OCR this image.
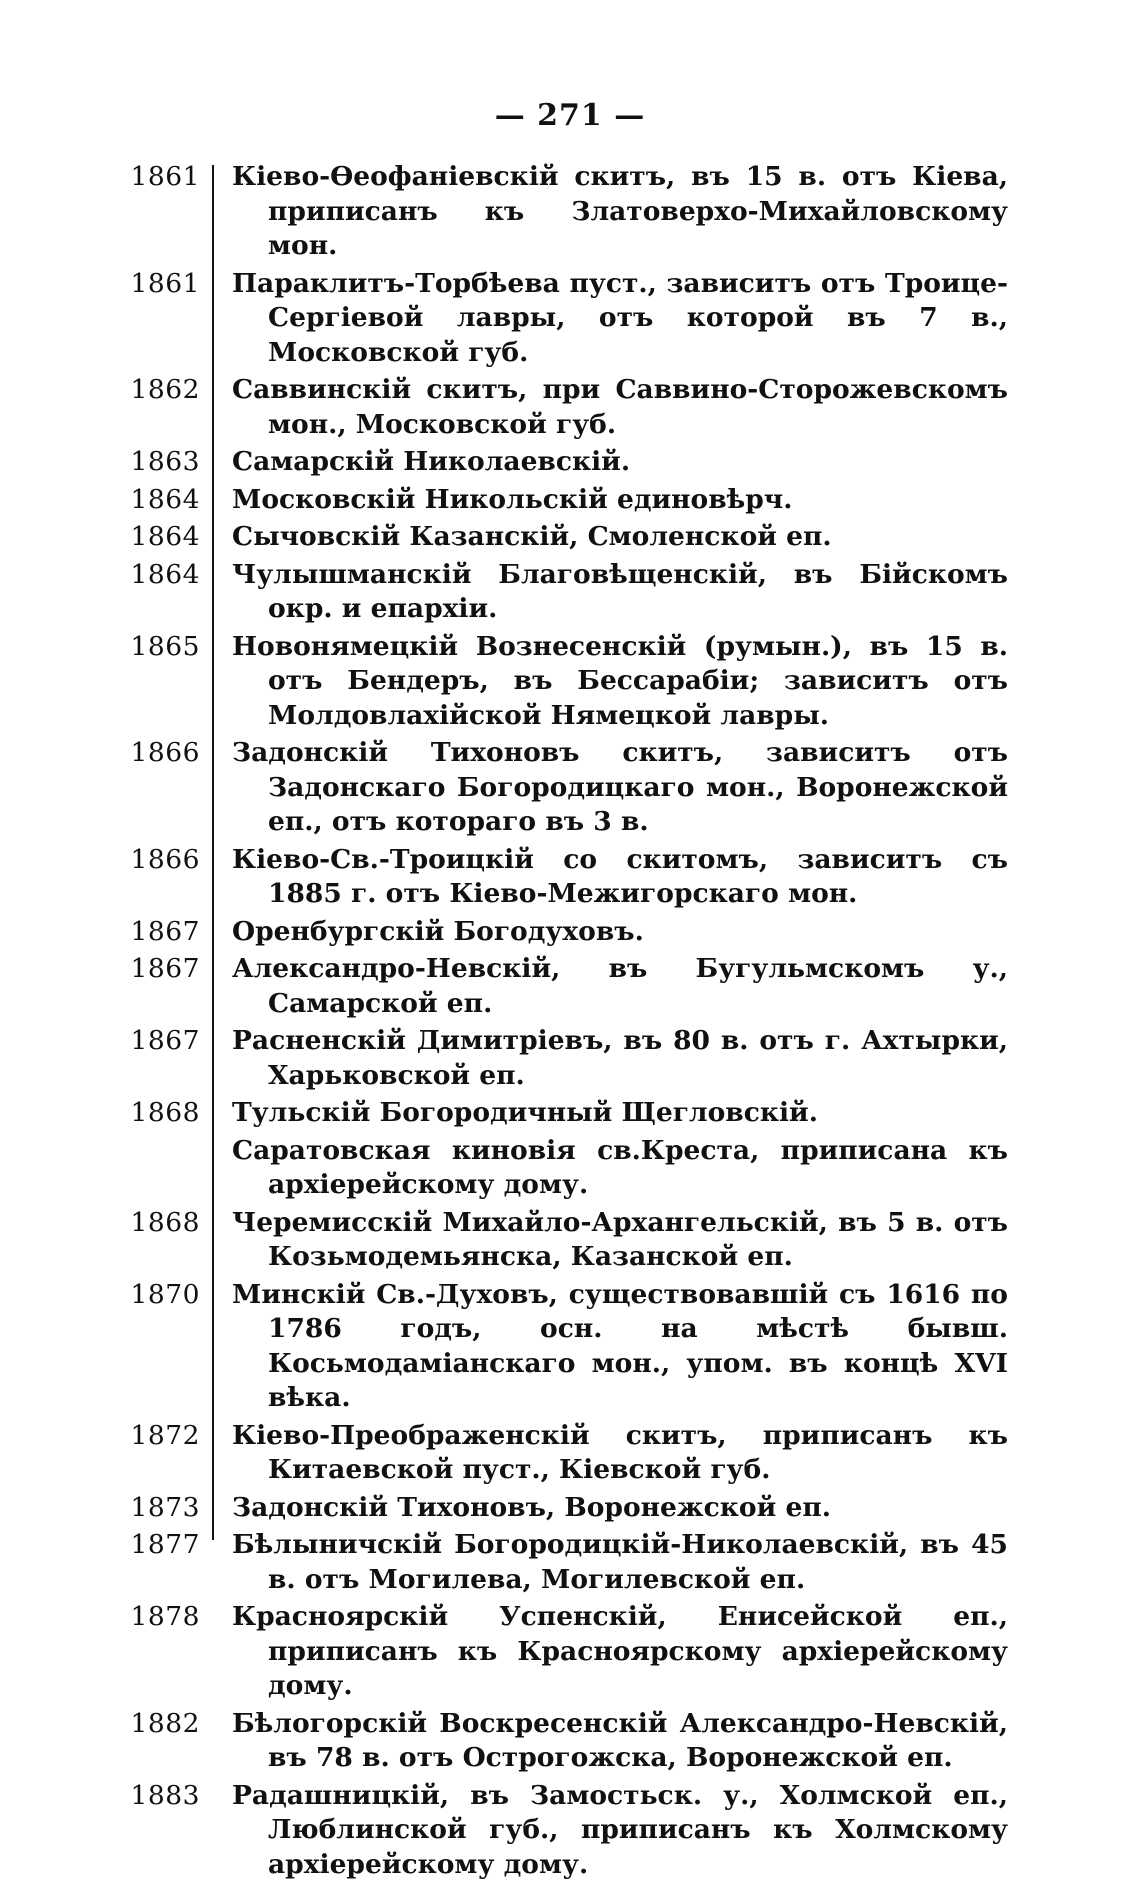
— 271 —
1861 Кіево-Ѳеофаніевскій скитъ, въ 15 в. отъ Кіева, приписанъ къ Златоверхо-Михайловскому мон.
1861 Параклитъ-Торбѣева пуст., зависитъ отъ Троице-Сергіевой лавры, отъ которой въ 7 в., Московской губ.
1862 Саввинскій скитъ, при Саввино-Сторожевскомъ мон., Московской губ.
1863 Самарскій Николаевскій.
1864 Московскій Никольскій единовѣрч.
1864 Сычовскій Казанскій, Смоленской еп.
1864 Чулышманскій Благовѣщенскій, въ Бійскомъ окр. и епархіи.
1865 Новонямецкій Вознесенскій (румын.), въ 15 в. отъ Бендеръ, въ Бессарабіи; зависитъ отъ Молдовлахійской Нямецкой лавры.
1866 Задонскій Тихоновъ скитъ, зависитъ отъ Задонскаго Богородицкаго мон., Воронежской еп., отъ котораго въ 3 в.
1866 Кіево-Св.-Троицкій со скитомъ, зависитъ съ 1885 г. отъ Кіево-Межигорскаго мон.
1867 Оренбургскій Богодуховъ.
1867 Александро-Невскій, въ Бугульмскомъ у., Самарской еп.
1867 Расненскій Димитріевъ, въ 80 в. отъ г. Ахтырки, Харьковской еп.
1868 Тульскій Богородичный Щегловскій.
Саратовская киновія св.Креста, приписана къ архіерейскому дому.
1868 Черемисскій Михайло-Архангельскій, въ 5 в. отъ Козьмодемьянска, Казанской еп.
1870 Минскій Св.-Духовъ, существовавшій съ 1616 по 1786 годъ, осн. на мѣстѣ бывш. Косьмодаміанскаго мон., упом. въ концѣ XVI вѣка.
1872 Кіево-Преображенскій скитъ, приписанъ къ Китаевской пуст., Кіевской губ.
1873 Задонскій Тихоновъ, Воронежской еп.
1877 Бѣлыничскій Богородицкій-Николаевскій, въ 45 в. отъ Могилева, Могилевской еп.
1878 Красноярскій Успенскій, Енисейской еп., приписанъ къ Красноярскому архіерейскому дому.
1882 Бѣлогорскій Воскресенскій Александро-Невскій, въ 78 в. отъ Острогожска, Воронежской еп.
1883 Радашницкій, въ Замостьск. у., Холмской еп., Люблинской губ., приписанъ къ Холмскому архіерейскому дому.
